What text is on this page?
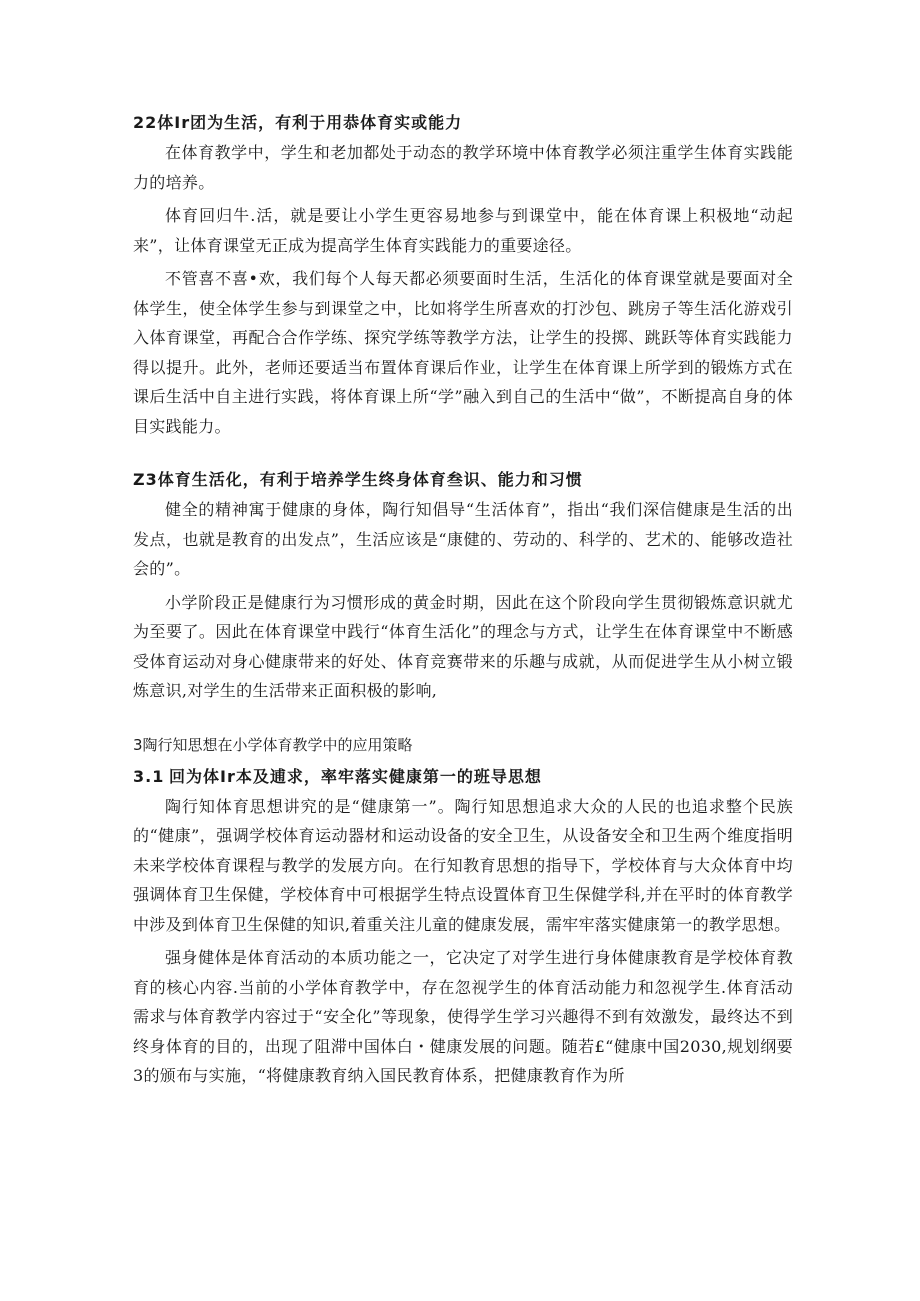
22体Ir团为生活，有利于用恭体育实或能力

在体育教学中，学生和老加都处于动态的教学环境中体育教学必须注重学生体育实践能力的培养。

体育回归牛.活，就是要让小学生更容易地参与到课堂中，能在体育课上积极地“动起来”，让体育课堂无正成为提高学生体育实践能力的重要途径。

不管喜不喜•欢，我们每个人每天都必须要面时生活，生活化的体育课堂就是要面对全体学生，使全体学生参与到课堂之中，比如将学生所喜欢的打沙包、跳房子等生活化游戏引入体育课堂，再配合合作学练、探究学练等教学方法，让学生的投掷、跳跃等体育实践能力得以提升。此外，老师还要适当布置体育课后作业，让学生在体育课上所学到的锻炼方式在课后生活中自主进行实践，将体育课上所“学”融入到自己的生活中“做”，不断提高自身的体目实践能力。

Z3体育生活化，有利于培养学生终身体育叁识、能力和习惯

健全的精神寓于健康的身体，陶行知倡导“生活体育”，指出“我们深信健康是生活的出发点，也就是教育的出发点”，生活应该是“康健的、劳动的、科学的、艺术的、能够改造社会的”。

小学阶段正是健康行为习惯形成的黄金时期，因此在这个阶段向学生贯彻锻炼意识就尤为至要了。因此在体育课堂中践行“体育生活化”的理念与方式，让学生在体育课堂中不断感受体育运动对身心健康带来的好处、体育竞赛带来的乐趣与成就，从而促进学生从小树立锻炼意识,对学生的生活带来正面积极的影响,

3陶行知思想在小学体育教学中的应用策略
3.1 回为体Ir本及逋求，率牢落实健康第一的班导思想

陶行知体育思想讲究的是“健康第一”。陶行知思想追求大众的人民的也追求整个民族的“健康”，强调学校体育运动器材和运动设备的安全卫生，从设备安全和卫生两个维度指明未来学校体育课程与教学的发展方向。在行知教育思想的指导下，学校体育与大众体育中均强调体育卫生保健，学校体育中可根据学生特点设置体育卫生保健学科,并在平时的体育教学中涉及到体育卫生保健的知识,着重关注儿童的健康发展，需牢牢落实健康第一的教学思想。

强身健体是体育活动的本质功能之一，它决定了对学生进行身体健康教育是学校体育教育的核心内容.当前的小学体育教学中，存在忽视学生的体育活动能力和忽视学生.体育活动需求与体育教学内容过于“安全化”等现象，使得学生学习兴趣得不到有效激发，最终达不到终身体育的目的，出现了阻滞中国体白・健康发展的问题。随若£“健康中国2030,规划纲要3的颁布与实施，“将健康教育纳入国民教育体系，把健康教育作为所
